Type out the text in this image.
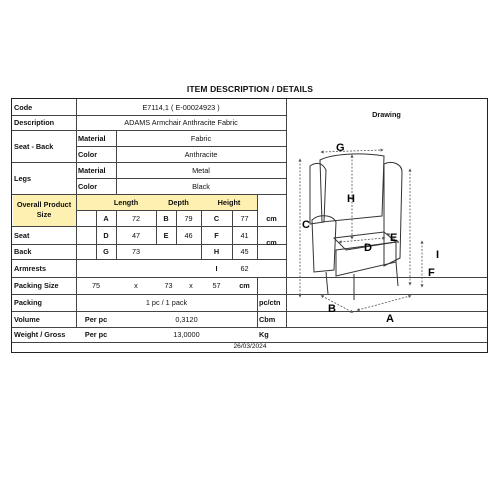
ITEM DESCRIPTION / DETAILS
Code	E7114,1 ( E-00024923 )
Description	ADAMS Armchair Anthracite Fabric
Seat - Back
Material	Fabric
Color	Anthracite
Legs
Material	Metal
Color	Black
Overall Product Size
Length	Depth	Height
A	72	B	79	C	77	cm
Seat	D	47	E	46	F	41
Back	G	73	H	45
cm
Armrests	I	62
Packing Size	75	x	73	x	57	cm
Packing	1 pc / 1 pack	pc/ctn
Volume	Per pc	0,3120	Cbm
Weight / Gross	Per pc	13,0000	Kg
Drawing
26/03/2024
G
H
C
D
E
I
F
A
B
